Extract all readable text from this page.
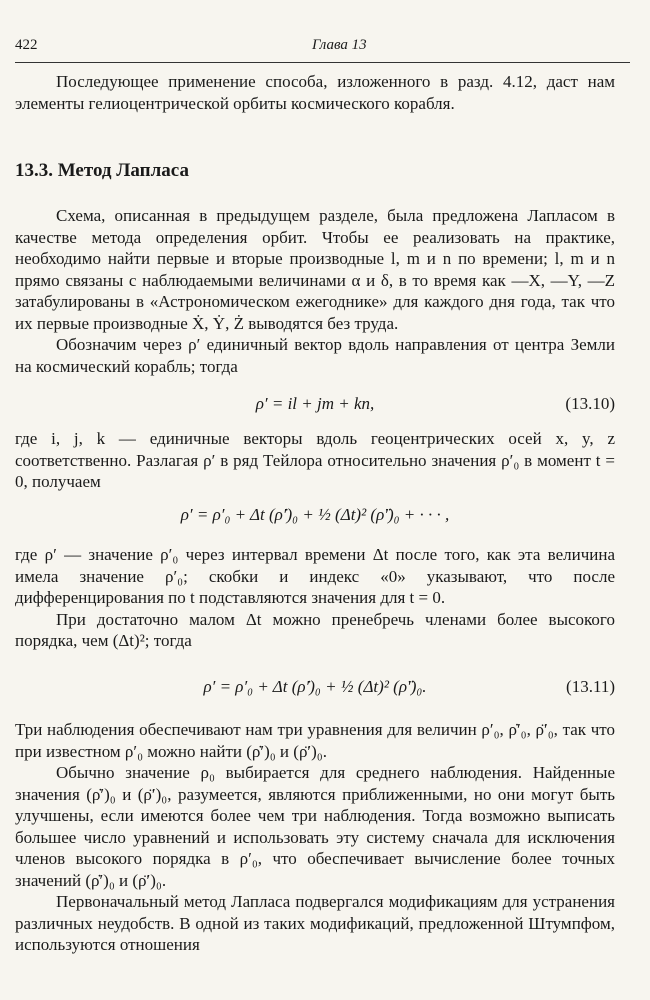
422	Глава 13

Последующее применение способа, изложенного в разд. 4.12, даст нам элементы гелиоцентрической орбиты космического корабля.

13.3. Метод Лапласа

Схема, описанная в предыдущем разделе, была предложена Лапласом в качестве метода определения орбит. Чтобы ее реализовать на практике, необходимо найти первые и вторые производные l, m и n по времени; l, m и n прямо связаны с наблюдаемыми величинами α и δ, в то время как —X, —Y, —Z затабулированы в «Астрономическом ежегоднике» для каждого дня года, так что их первые производные Ẋ, Ẏ, Ż выводятся без труда.

Обозначим через ρ′ единичный вектор вдоль направления от центра Земли на космический корабль; тогда

ρ′ = il + jm + kn,	(13.10)

где i, j, k — единичные векторы вдоль геоцентрических осей x, y, z соответственно. Разлагая ρ′ в ряд Тейлора относительно значения ρ′₀ в момент t = 0, получаем

ρ′ = ρ′₀ + Δt (ρ̇′)₀ + ½ (Δt)² (ρ̈′)₀ + · · · ,

где ρ′ — значение ρ′₀ через интервал времени Δt после того, как эта величина имела значение ρ′₀; скобки и индекс «0» указывают, что после дифференцирования по t подставляются значения для t = 0.

При достаточно малом Δt можно пренебречь членами более высокого порядка, чем (Δt)²; тогда

ρ′ = ρ′₀ + Δt (ρ̇′)₀ + ½ (Δt)² (ρ̈′)₀.	(13.11)

Три наблюдения обеспечивают нам три уравнения для величин ρ′₀, ρ̇′₀, ρ̈′₀, так что при известном ρ′₀ можно найти (ρ̇′)₀ и (ρ̈′)₀.

Обычно значение ρ₀ выбирается для среднего наблюдения. Найденные значения (ρ̇′)₀ и (ρ̈′)₀, разумеется, являются приближенными, но они могут быть улучшены, если имеются более чем три наблюдения. Тогда возможно выписать большее число уравнений и использовать эту систему сначала для исключения членов высокого порядка в ρ′₀, что обеспечивает вычисление более точных значений (ρ̇′)₀ и (ρ̈′)₀.

Первоначальный метод Лапласа подвергался модификациям для устранения различных неудобств. В одной из таких модификаций, предложенной Штумпфом, используются отношения
